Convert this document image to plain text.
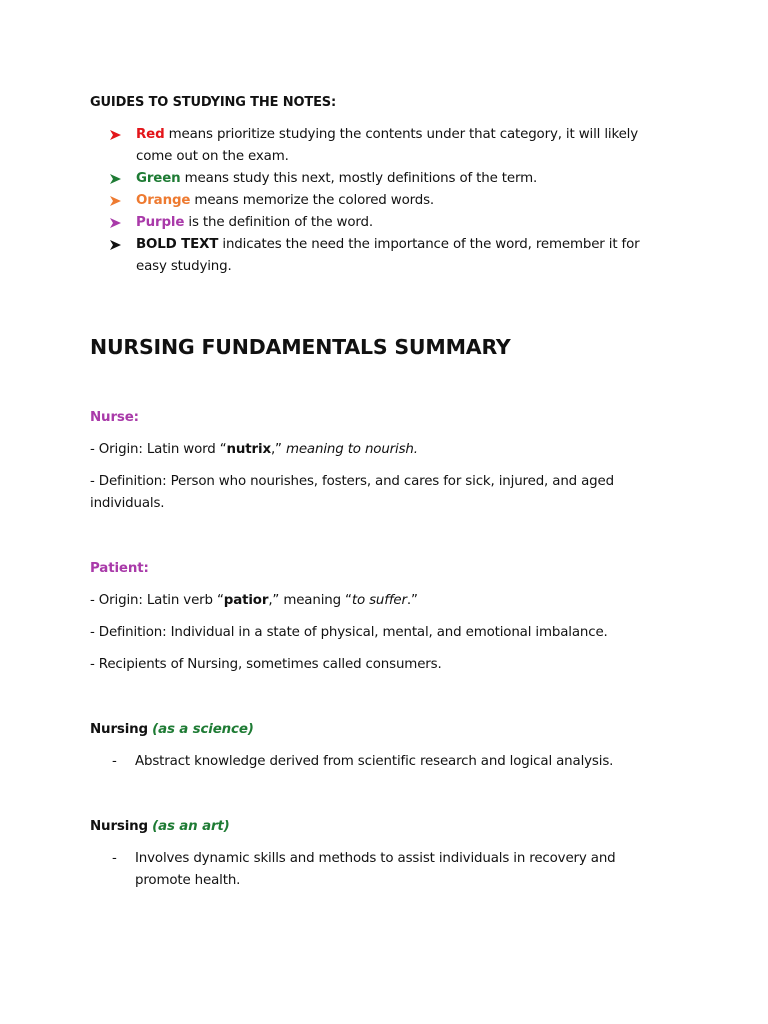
GUIDES TO STUDYING THE NOTES:
Red means prioritize studying the contents under that category, it will likely come out on the exam.
Green means study this next, mostly definitions of the term.
Orange means memorize the colored words.
Purple is the definition of the word.
BOLD TEXT indicates the need the importance of the word, remember it for easy studying.
NURSING FUNDAMENTALS SUMMARY
Nurse:
- Origin: Latin word “nutrix,” meaning to nourish.
- Definition: Person who nourishes, fosters, and cares for sick, injured, and aged individuals.
Patient:
- Origin: Latin verb “patior,” meaning “to suffer.”
- Definition: Individual in a state of physical, mental, and emotional imbalance.
- Recipients of Nursing, sometimes called consumers.
Nursing (as a science)
- Abstract knowledge derived from scientific research and logical analysis.
Nursing (as an art)
- Involves dynamic skills and methods to assist individuals in recovery and promote health.
